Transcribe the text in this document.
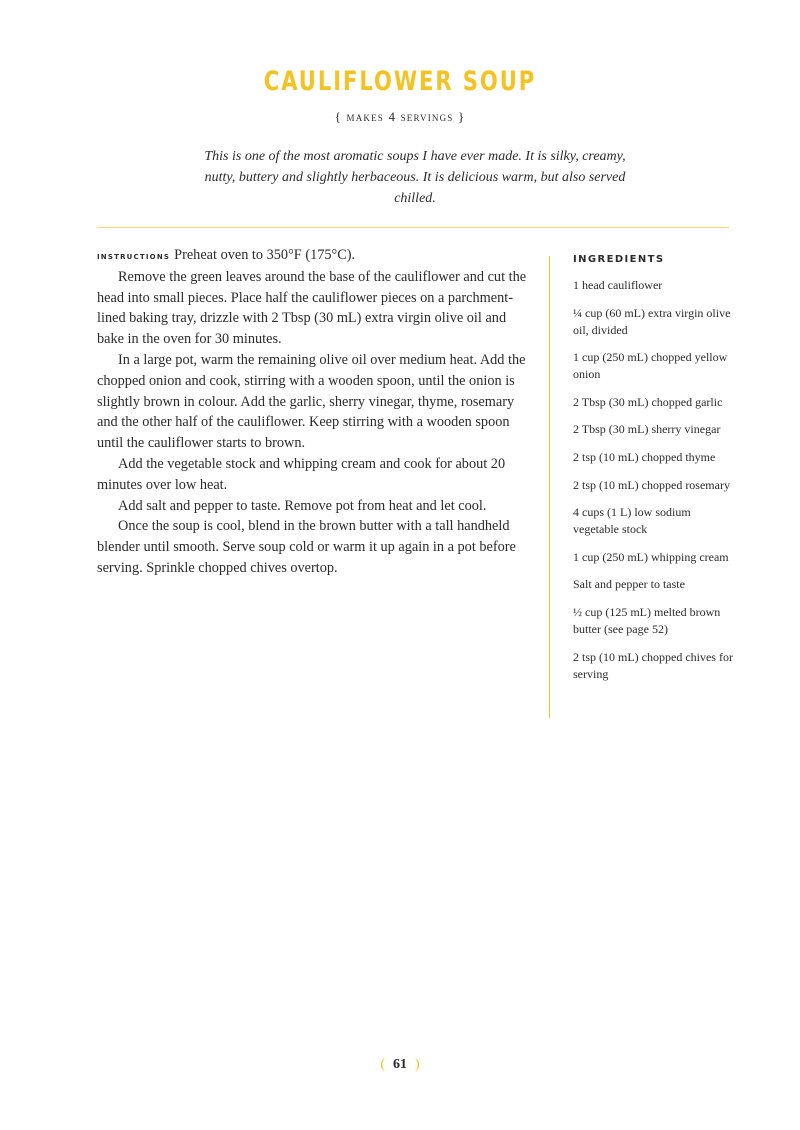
CAULIFLOWER SOUP
{ makes 4 servings }
This is one of the most aromatic soups I have ever made. It is silky, creamy, nutty, buttery and slightly herbaceous. It is delicious warm, but also served chilled.

instructions Preheat oven to 350°F (175°C).

Remove the green leaves around the base of the cauliflower and cut the head into small pieces. Place half the cauliflower pieces on a parchment-lined baking tray, drizzle with 2 Tbsp (30 mL) extra virgin olive oil and bake in the oven for 30 minutes.

In a large pot, warm the remaining olive oil over medium heat. Add the chopped onion and cook, stirring with a wooden spoon, until the onion is slightly brown in colour. Add the garlic, sherry vinegar, thyme, rosemary and the other half of the cauliflower. Keep stirring with a wooden spoon until the cauliflower starts to brown.

Add the vegetable stock and whipping cream and cook for about 20 minutes over low heat.

Add salt and pepper to taste. Remove pot from heat and let cool.

Once the soup is cool, blend in the brown butter with a tall handheld blender until smooth. Serve soup cold or warm it up again in a pot before serving. Sprinkle chopped chives overtop.

INGREDIENTS
1 head cauliflower
¼ cup (60 mL) extra virgin olive oil, divided
1 cup (250 mL) chopped yellow onion
2 Tbsp (30 mL) chopped garlic
2 Tbsp (30 mL) sherry vinegar
2 tsp (10 mL) chopped thyme
2 tsp (10 mL) chopped rosemary
4 cups (1 L) low sodium vegetable stock
1 cup (250 mL) whipping cream
Salt and pepper to taste
½ cup (125 mL) melted brown butter (see page 52)
2 tsp (10 mL) chopped chives for serving
( 61 )
